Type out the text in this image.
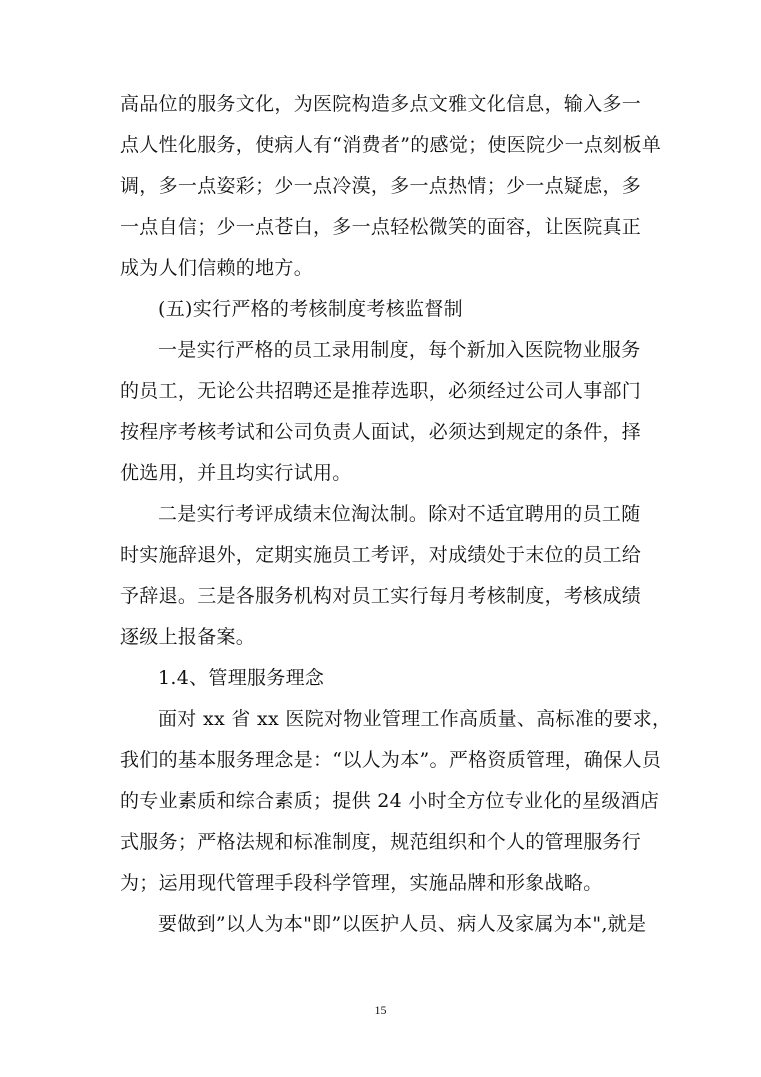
高品位的服务文化，为医院构造多点文雅文化信息，输入多一
点人性化服务，使病人有“消费者”的感觉；使医院少一点刻板单
调，多一点姿彩；少一点冷漠，多一点热情；少一点疑虑，多
一点自信；少一点苍白，多一点轻松微笑的面容，让医院真正
成为人们信赖的地方。
(五)实行严格的考核制度考核监督制
一是实行严格的员工录用制度，每个新加入医院物业服务
的员工，无论公共招聘还是推荐选职，必须经过公司人事部门
按程序考核考试和公司负责人面试，必须达到规定的条件，择
优选用，并且均实行试用。
二是实行考评成绩末位淘汰制。除对不适宜聘用的员工随
时实施辞退外，定期实施员工考评，对成绩处于末位的员工给
予辞退。三是各服务机构对员工实行每月考核制度，考核成绩
逐级上报备案。
1.4、管理服务理念
面对 xx 省 xx 医院对物业管理工作高质量、高标准的要求，
我们的基本服务理念是：“以人为本”。严格资质管理，确保人员
的专业素质和综合素质；提供 24 小时全方位专业化的星级酒店
式服务；严格法规和标准制度，规范组织和个人的管理服务行
为；运用现代管理手段科学管理，实施品牌和形象战略。
要做到”以人为本"即”以医护人员、病人及家属为本",就是
15
